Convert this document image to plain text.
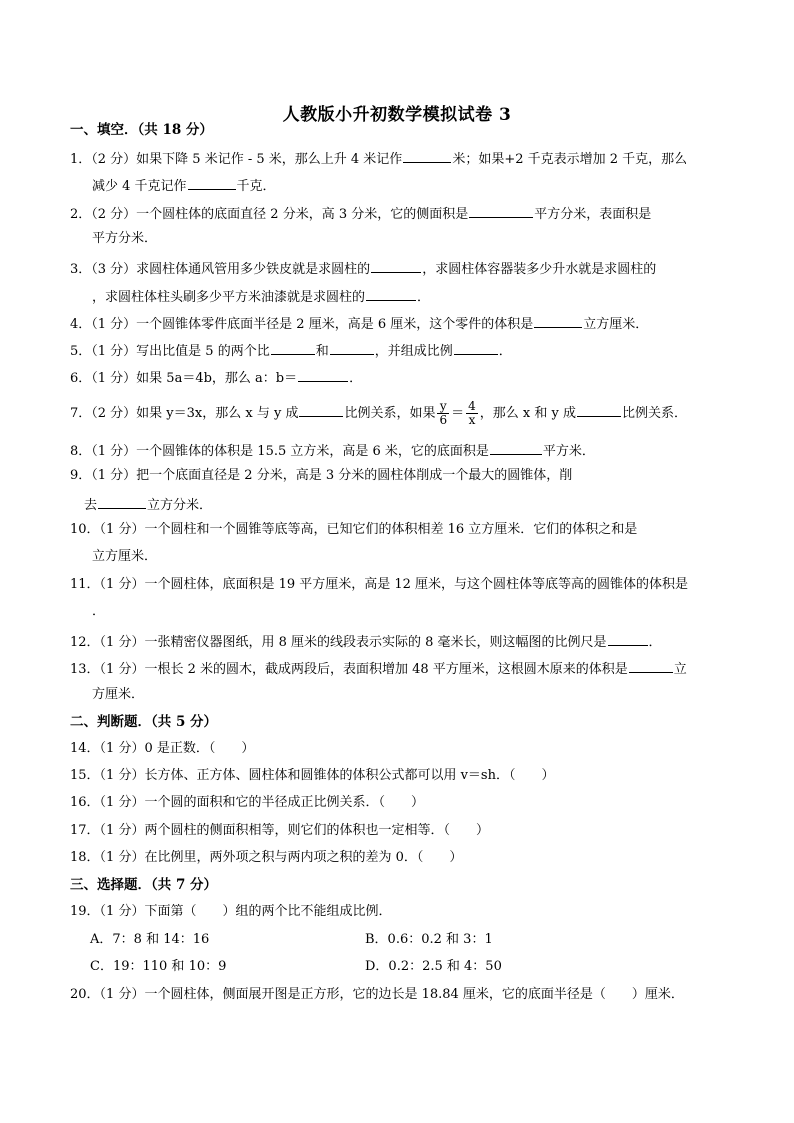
人教版小升初数学模拟试卷 3
一、填空．（共 18 分）
1．（2 分）如果下降 5 米记作 - 5 米，那么上升 4 米记作	米；如果+2 千克表示增加 2 千克，那么
减少 4 千克记作	千克．
2．（2 分）一个圆柱体的底面直径 2 分米，高 3 分米，它的侧面积是	平方分米，表面积是
平方分米．
3．（3 分）求圆柱体通风管用多少铁皮就是求圆柱的	，求圆柱体容器装多少升水就是求圆柱的
，求圆柱体柱头刷多少平方米油漆就是求圆柱的	．
4．（1 分）一个圆锥体零件底面半径是 2 厘米，高是 6 厘米，这个零件的体积是	立方厘米．
5．（1 分）写出比值是 5 的两个比	和	，并组成比例	．
6．（1 分）如果 5a＝4b，那么 a：b＝	．
7．（2 分）如果 y＝3x，那么 x 与 y 成	比例关系，如果 $\frac{y}{6} = \frac{4}{x}$ ，那么 x 和 y 成	比例关系．
8．（1 分）一个圆锥体的体积是 15.5 立方米，高是 6 米，它的底面积是	平方米．
9．（1 分）把一个底面直径是 2 分米，高是 3 分米的圆柱体削成一个最大的圆锥体，削
去	立方分米．
10．（1 分）一个圆柱和一个圆锥等底等高，已知它们的体积相差 16 立方厘米．它们的体积之和是
立方厘米．
11．（1 分）一个圆柱体，底面积是 19 平方厘米，高是 12 厘米，与这个圆柱体等底等高的圆锥体的体积是
．
12．（1 分）一张精密仪器图纸，用 8 厘米的线段表示实际的 8 毫米长，则这幅图的比例尺是	．
13．（1 分）一根长 2 米的圆木，截成两段后，表面积增加 48 平方厘米，这根圆木原来的体积是	立
方厘米．
二、判断题．（共 5 分）
14．（1 分）0 是正数．（　　）
15．（1 分）长方体、正方体、圆柱体和圆锥体的体积公式都可以用 v＝sh．（　　）
16．（1 分）一个圆的面积和它的半径成正比例关系．（　　）
17．（1 分）两个圆柱的侧面积相等，则它们的体积也一定相等．（　　）
18．（1 分）在比例里，两外项之积与两内项之积的差为 0．（　　）
三、选择题．（共 7 分）
19．（1 分）下面第（　　）组的两个比不能组成比例．
A．7：8 和 14：16	B．0.6：0.2 和 3：1
C．19：110 和 10：9	D．0.2：2.5 和 4：50
20．（1 分）一个圆柱体，侧面展开图是正方形，它的边长是 18.84 厘米，它的底面半径是（　　）厘米．
